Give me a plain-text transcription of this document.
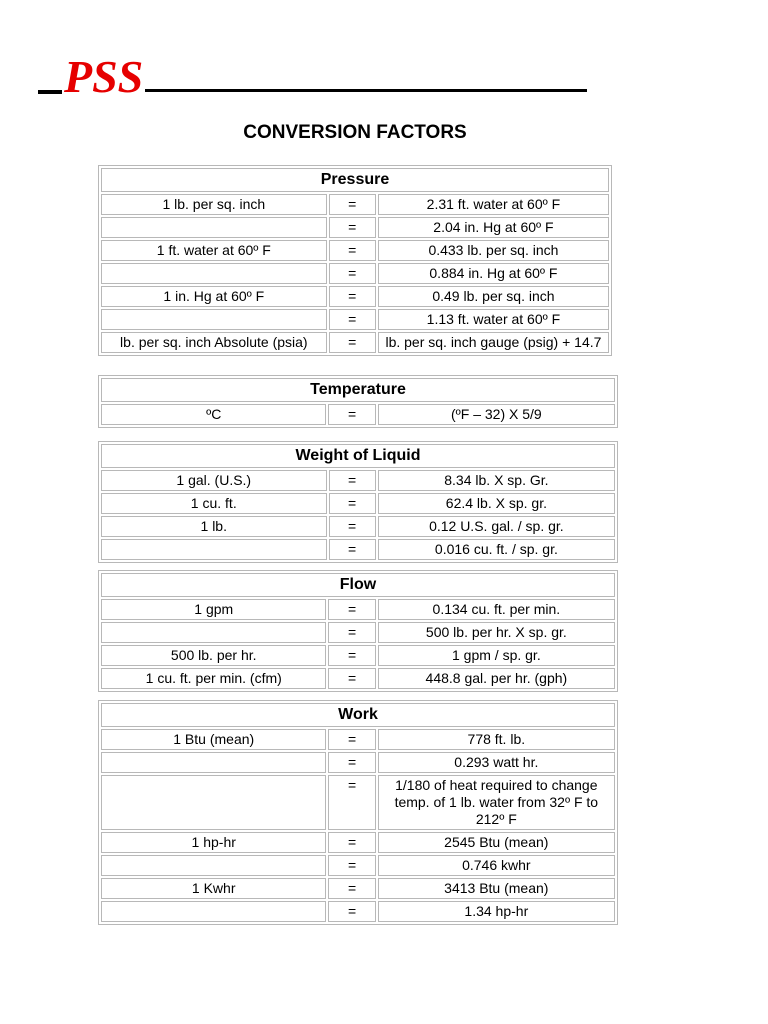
PSS
CONVERSION FACTORS
Pressure		
1 lb. per sq. inch	=	2.31 ft. water at 60º F
	=	2.04 in. Hg at 60º F
1 ft. water at 60º F	=	0.433 lb. per sq. inch
	=	0.884 in. Hg at 60º F
1 in. Hg at 60º F	=	0.49 lb. per sq. inch
	=	1.13 ft. water at 60º F
lb. per sq. inch Absolute (psia)	=	lb. per sq. inch gauge (psig) + 14.7
Temperature
ºC	=	(ºF – 32) X 5/9
Weight of Liquid		
1 gal. (U.S.)	=	8.34 lb. X sp. Gr.
1 cu. ft.	=	62.4 lb. X sp. gr.
1 lb.	=	0.12 U.S. gal. / sp. gr.
	=	0.016 cu. ft. / sp. gr.
Flow		
1 gpm	=	0.134 cu. ft. per min.
	=	500 lb. per hr. X sp. gr.
500 lb. per hr.	=	1 gpm / sp. gr.
1 cu. ft. per min. (cfm)	=	448.8 gal. per hr. (gph)
Work		
1 Btu (mean)	=	778 ft. lb.
	=	0.293 watt hr.
	=	1/180 of heat required to change temp. of 1 lb. water from 32º F to 212º F
1 hp-hr	=	2545 Btu (mean)
	=	0.746 kwhr
1 Kwhr	=	3413 Btu (mean)
	=	1.34 hp-hr
